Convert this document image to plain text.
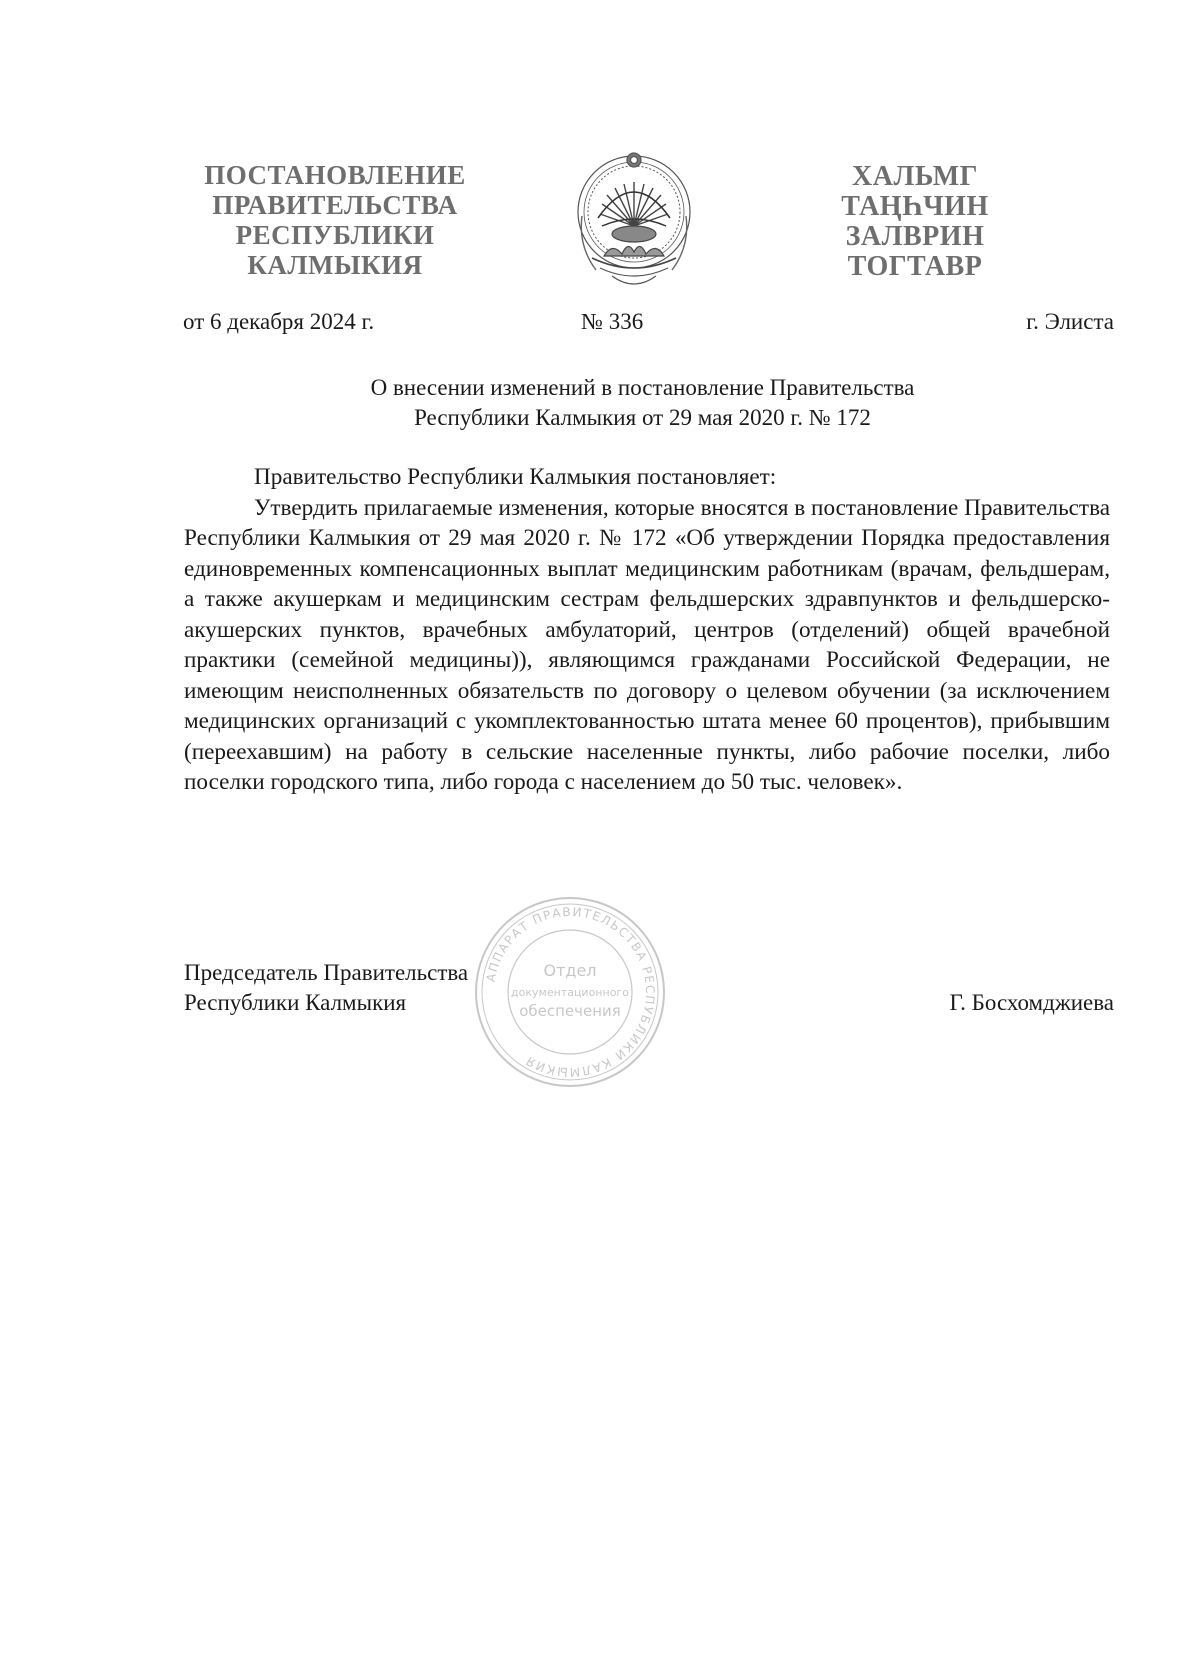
ПОСТАНОВЛЕНИЕ
ПРАВИТЕЛЬСТВА
РЕСПУБЛИКИ
КАЛМЫКИЯ
ХАЛЬМГ
ТАҢҺЧИН
ЗАЛВРИН
ТОГТАВР
от 6 декабря 2024 г.	№ 336	г. Элиста
О внесении изменений в постановление Правительства
Республики Калмыкия от 29 мая 2020 г. № 172

Правительство Республики Калмыкия постановляет:

Утвердить прилагаемые изменения, которые вносятся в постановление Правительства Республики Калмыкия от 29 мая 2020 г. № 172 «Об утверждении Порядка предоставления единовременных компенсационных выплат медицинским работникам (врачам, фельдшерам, а также акушеркам и медицинским сестрам фельдшерских здравпунктов и фельдшерско-акушерских пунктов, врачебных амбулаторий, центров (отделений) общей врачебной практики (семейной медицины)), являющимся гражданами Российской Федерации, не имеющим неисполненных обязательств по договору о целевом обучении (за исключением медицинских организаций с укомплектованностью штата менее 60 процентов), прибывшим (переехавшим) на работу в сельские населенные пункты, либо рабочие поселки, либо поселки городского типа, либо города с населением до 50 тыс. человек».

Председатель Правительства
Республики Калмыкия	Г. Босхомджиева
АППАРАТ ПРАВИТЕЛЬСТВА РЕСПУБЛИКИ КАЛМЫКИЯ
Отдел
документационного
обеспечения
